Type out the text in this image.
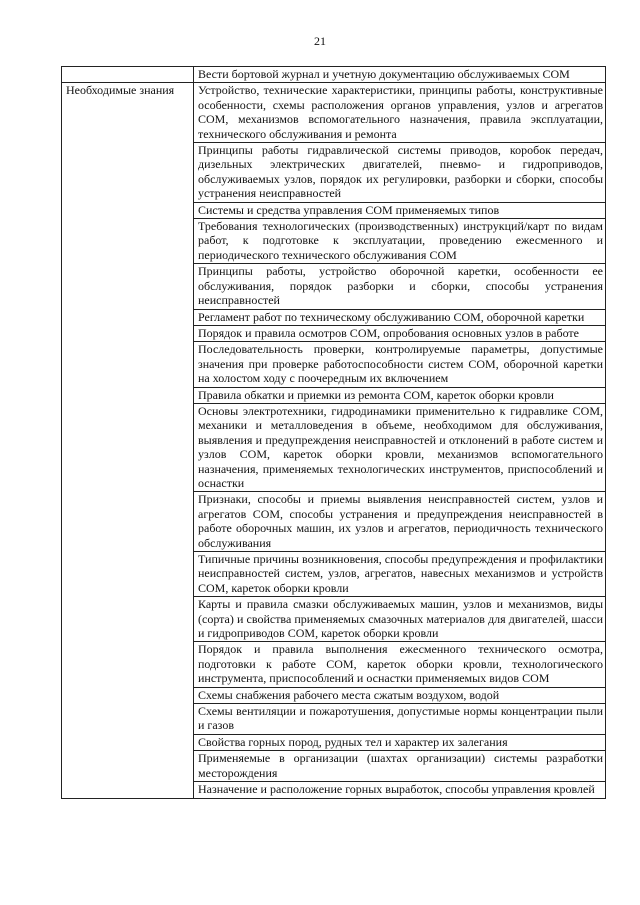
21
	Вести бортовой журнал и учетную документацию обслуживаемых СОМ
Необходимые знания	Устройство, технические характеристики, принципы работы, конструктивные особенности, схемы расположения органов управления, узлов и агрегатов СОМ, механизмов вспомогательного назначения, правила эксплуатации, технического обслуживания и ремонта
	Принципы работы гидравлической системы приводов, коробок передач, дизельных электрических двигателей, пневмо- и гидроприводов, обслуживаемых узлов, порядок их регулировки, разборки и сборки, способы устранения неисправностей
	Системы и средства управления СОМ применяемых типов
	Требования технологических (производственных) инструкций/карт по видам работ, к подготовке к эксплуатации, проведению ежесменного и периодического технического обслуживания СОМ
	Принципы работы, устройство оборочной каретки, особенности ее обслуживания, порядок разборки и сборки, способы устранения неисправностей
	Регламент работ по техническому обслуживанию СОМ, оборочной каретки
	Порядок и правила осмотров СОМ, опробования основных узлов в работе
	Последовательность проверки, контролируемые параметры, допустимые значения при проверке работоспособности систем СОМ, оборочной каретки на холостом ходу с поочередным их включением
	Правила обкатки и приемки из ремонта СОМ, кареток оборки кровли
	Основы электротехники, гидродинамики применительно к гидравлике СОМ, механики и металловедения в объеме, необходимом для обслуживания, выявления и предупреждения неисправностей и отклонений в работе систем и узлов СОМ, кареток оборки кровли, механизмов вспомогательного назначения, применяемых технологических инструментов, приспособлений и оснастки
	Признаки, способы и приемы выявления неисправностей систем, узлов и агрегатов СОМ, способы устранения и предупреждения неисправностей в работе оборочных машин, их узлов и агрегатов, периодичность технического обслуживания
	Типичные причины возникновения, способы предупреждения и профилактики неисправностей систем, узлов, агрегатов, навесных механизмов и устройств СОМ, кареток оборки кровли
	Карты и правила смазки обслуживаемых машин, узлов и механизмов, виды (сорта) и свойства применяемых смазочных материалов для двигателей, шасси и гидроприводов СОМ, кареток оборки кровли
	Порядок и правила выполнения ежесменного технического осмотра, подготовки к работе СОМ, кареток оборки кровли, технологического инструмента, приспособлений и оснастки применяемых видов СОМ
	Схемы снабжения рабочего места сжатым воздухом, водой
	Схемы вентиляции и пожаротушения, допустимые нормы концентрации пыли и газов
	Свойства горных пород, рудных тел и характер их залегания
	Применяемые в организации (шахтах организации) системы разработки месторождения
	Назначение и расположение горных выработок, способы управления кровлей
